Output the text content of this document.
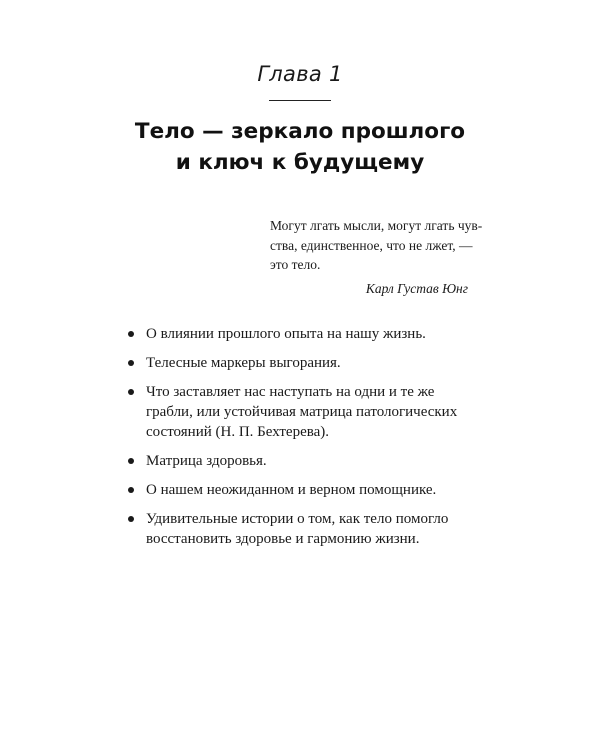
Глава 1
Тело — зеркало прошлого
и ключ к будущему
Могут лгать мысли, могут лгать чув-
ства, единственное, что не лжет, —
это тело.
Карл Густав Юнг
О влиянии прошлого опыта на нашу жизнь.
Телесные маркеры выгорания.
Что заставляет нас наступать на одни и те же
грабли, или устойчивая матрица патологических
состояний (Н. П. Бехтерева).
Матрица здоровья.
О нашем неожиданном и верном помощнике.
Удивительные истории о том, как тело помогло
восстановить здоровье и гармонию жизни.
